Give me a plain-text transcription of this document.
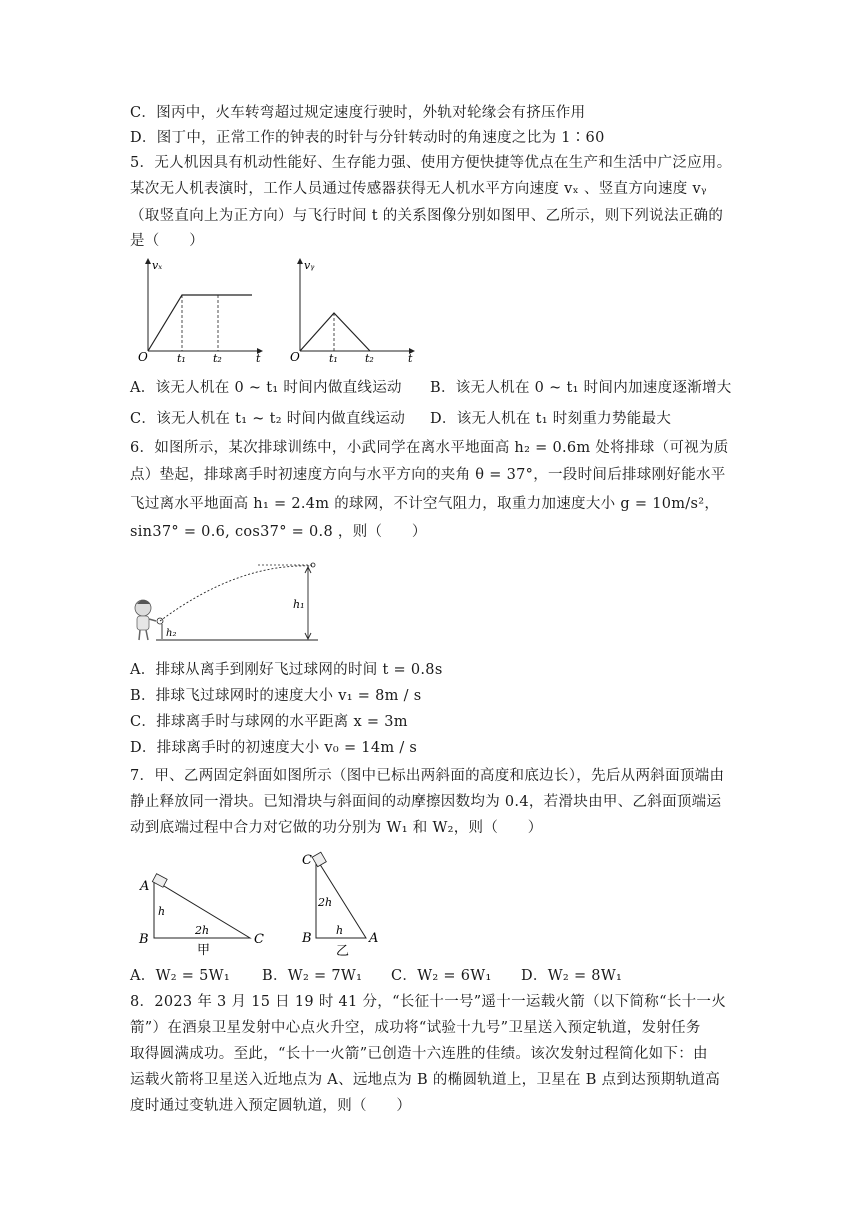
C．图丙中，火车转弯超过规定速度行驶时，外轨对轮缘会有挤压作用
D．图丁中，正常工作的钟表的时针与分针转动时的角速度之比为 1∶60
5．无人机因具有机动性能好、生存能力强、使用方便快捷等优点在生产和生活中广泛应用。
某次无人机表演时，工作人员通过传感器获得无人机水平方向速度 vₓ 、竖直方向速度 vᵧ
（取竖直向上为正方向）与飞行时间 t 的关系图像分别如图甲、乙所示，则下列说法正确的
是（　　）
vₓ
O	t₁ t₂	t
vᵧ
O	t₁ t₂	t
A．该无人机在 0 ~ t₁ 时间内做直线运动 B．该无人机在 0 ~ t₁ 时间内加速度逐渐增大
C．该无人机在 t₁ ~ t₂ 时间内做直线运动 D．该无人机在 t₁ 时刻重力势能最大
6．如图所示，某次排球训练中，小武同学在离水平地面高 h₂ = 0.6m 处将排球（可视为质
点）垫起，排球离手时初速度方向与水平方向的夹角 θ = 37°，一段时间后排球刚好能水平
飞过离水平地面高 h₁ = 2.4m 的球网，不计空气阻力，取重力加速度大小 g = 10m/s²，
sin37° = 0.6, cos37° = 0.8 ，则（　　）
h₁
h₂
A．排球从离手到刚好飞过球网的时间 t = 0.8s
B．排球飞过球网时的速度大小 v₁ = 8m / s
C．排球离手时与球网的水平距离 x = 3m
D．排球离手时的初速度大小 v₀ = 14m / s
7．甲、乙两固定斜面如图所示（图中已标出两斜面的高度和底边长），先后从两斜面顶端由
静止释放同一滑块。已知滑块与斜面间的动摩擦因数均为 0.4，若滑块由甲、乙斜面顶端运
动到底端过程中合力对它做的功分别为 W₁ 和 W₂，则（　　）
A
B	C
h
2h
甲
C
B	A
2h
h
乙
A．W₂ = 5W₁ B．W₂ = 7W₁ C．W₂ = 6W₁ D．W₂ = 8W₁
8．2023 年 3 月 15 日 19 时 41 分，“长征十一号”遥十一运载火箭（以下简称“长十一火
箭”）在酒泉卫星发射中心点火升空，成功将“试验十九号”卫星送入预定轨道，发射任务
取得圆满成功。至此，“长十一火箭”已创造十六连胜的佳绩。该次发射过程简化如下：由
运载火箭将卫星送入近地点为 A、远地点为 B 的椭圆轨道上，卫星在 B 点到达预期轨道高
度时通过变轨进入预定圆轨道，则（　　）
